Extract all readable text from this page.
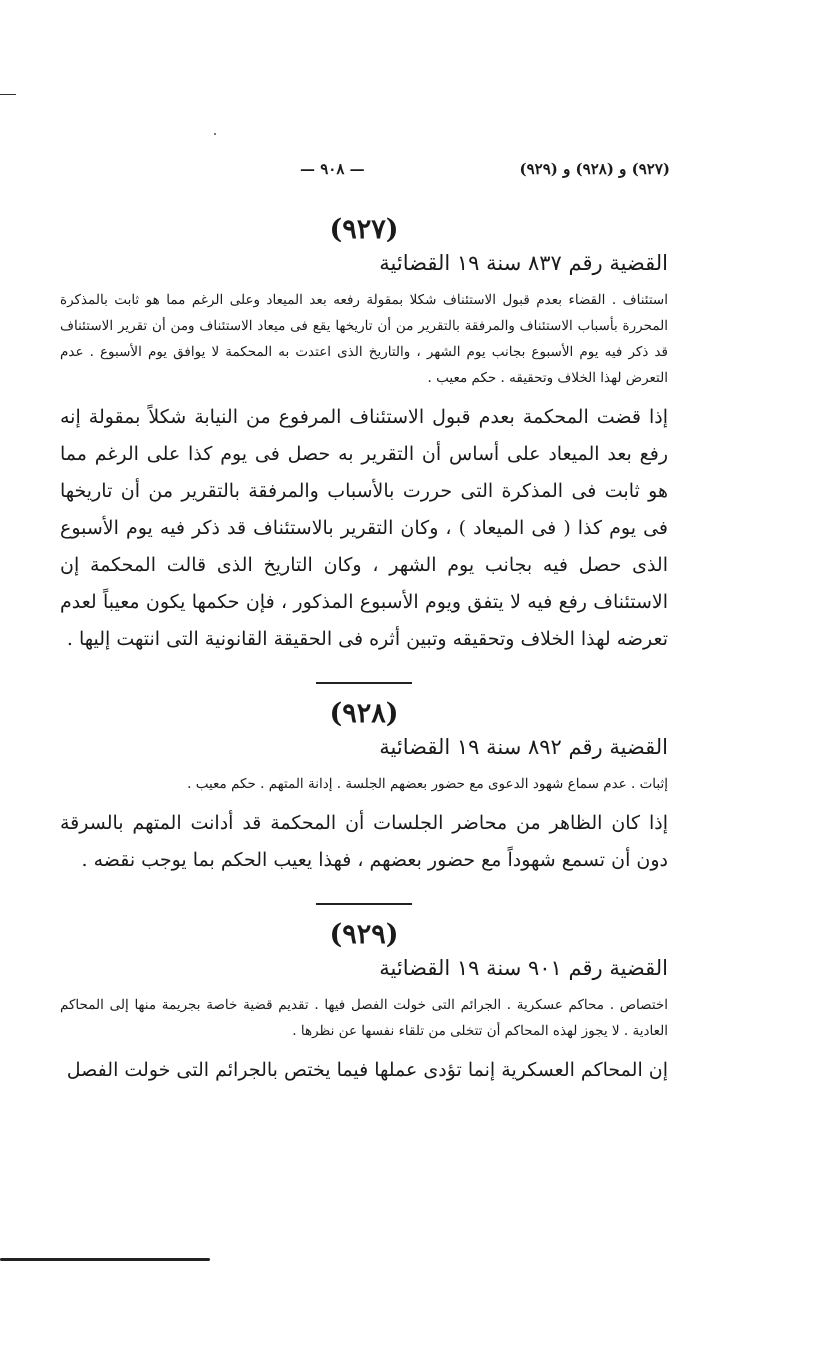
(٩٢٧) و (٩٢٨) و (٩٢٩)
— ٩٠٨ —
(٩٢٧)
القضية رقم ٨٣٧ سنة ١٩ القضائية

استئناف . القضاء بعدم قبول الاستئناف شكلا بمقولة رفعه بعد الميعاد وعلى الرغم مما هو ثابت بالمذكرة المحررة بأسباب الاستئناف والمرفقة بالتقرير من أن تاريخها يقع فى ميعاد الاستئناف ومن أن تقرير الاستئناف قد ذكر فيه يوم الأسبوع بجانب يوم الشهر ، والتاريخ الذى اعتدت به المحكمة لا يوافق يوم الأسبوع . عدم التعرض لهذا الخلاف وتحقيقه . حكم معيب .

إذا قضت المحكمة بعدم قبول الاستئناف المرفوع من النيابة شكلاً بمقولة إنه رفع بعد الميعاد على أساس أن التقرير به حصل فى يوم كذا على الرغم مما هو ثابت فى المذكرة التى حررت بالأسباب والمرفقة بالتقرير من أن تاريخها فى يوم كذا ( فى الميعاد ) ، وكان التقرير بالاستئناف قد ذكر فيه يوم الأسبوع الذى حصل فيه بجانب يوم الشهر ، وكان التاريخ الذى قالت المحكمة إن الاستئناف رفع فيه لا يتفق ويوم الأسبوع المذكور ، فإن حكمها يكون معيباً لعدم تعرضه لهذا الخلاف وتحقيقه وتبين أثره فى الحقيقة القانونية التى انتهت إليها .

(٩٢٨)
القضية رقم ٨٩٢ سنة ١٩ القضائية

إثبات . عدم سماع شهود الدعوى مع حضور بعضهم الجلسة . إدانة المتهم . حكم معيب .

إذا كان الظاهر من محاضر الجلسات أن المحكمة قد أدانت المتهم بالسرقة دون أن تسمع شهوداً مع حضور بعضهم ، فهذا يعيب الحكم بما يوجب نقضه .

(٩٢٩)
القضية رقم ٩٠١ سنة ١٩ القضائية

اختصاص . محاكم عسكرية . الجرائم التى خولت الفصل فيها . تقديم قضية خاصة بجريمة منها إلى المحاكم العادية . لا يجوز لهذه المحاكم أن تتخلى من تلقاء نفسها عن نظرها .

إن المحاكم العسكرية إنما تؤدى عملها فيما يختص بالجرائم التى خولت الفصل
